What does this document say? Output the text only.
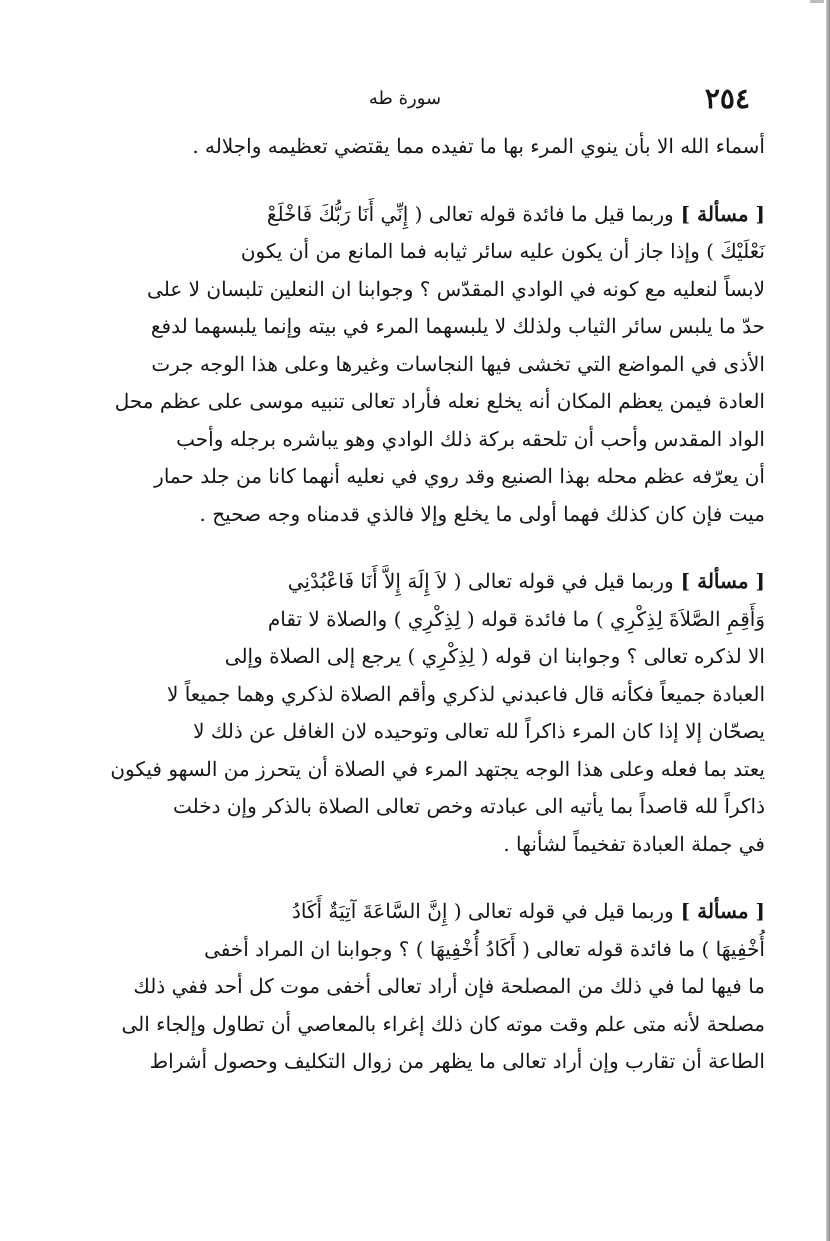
٢٥٤
سورة طه

أسماء الله الا بأن ينوي المرء بها ما تفيده مما يقتضي تعظيمه واجلاله .

[ مسألة ] وربما قيل ما فائدة قوله تعالى ( إِنِّي أَنَا رَبُّكَ فَاخْلَعْ

نَعْلَيْكَ ) وإذا جاز أن يكون عليه سائر ثيابه فما المانع من أن يكون

لابساً لنعليه مع كونه في الوادي المقدّس ؟ وجوابنا ان النعلين تلبسان لا على

حدّ ما يلبس سائر الثياب ولذلك لا يلبسهما المرء في بيته وإنما يلبسهما لدفع

الأذى في المواضع التي تخشى فيها النجاسات وغيرها وعلى هذا الوجه جرت

العادة فيمن يعظم المكان أنه يخلع نعله فأراد تعالى تنبيه موسى على عظم محل

الواد المقدس وأحب أن تلحقه بركة ذلك الوادي وهو يباشره برجله وأحب

أن يعرّفه عظم محله بهذا الصنيع وقد روي في نعليه أنهما كانا من جلد حمار

ميت فإن كان كذلك فهما أولى ما يخلع وإلا فالذي قدمناه وجه صحيح .

[ مسألة ] وربما قيل في قوله تعالى ( لاَ إِلَهَ إِلاَّ أَنَا فَاعْبُدْنِي

وَأَقِمِ الصَّلاَةَ لِذِكْرِي ) ما فائدة قوله ( لِذِكْرِي ) والصلاة لا تقام

الا لذكره تعالى ؟ وجوابنا ان قوله ( لِذِكْرِي ) يرجع إلى الصلاة وإلى

العبادة جميعاً فكأنه قال فاعبدني لذكري وأقم الصلاة لذكري وهما جميعاً لا

يصحّان إلا إذا كان المرء ذاكراً لله تعالى وتوحيده لان الغافل عن ذلك لا

يعتد بما فعله وعلى هذا الوجه يجتهد المرء في الصلاة أن يتحرز من السهو فيكون

ذاكراً لله قاصداً بما يأتيه الى عبادته وخص تعالى الصلاة بالذكر وإن دخلت

في جملة العبادة تفخيماً لشأنها .

[ مسألة ] وربما قيل في قوله تعالى ( إِنَّ السَّاعَةَ آتِيَةٌ أَكَادُ

أُخْفِيهَا ) ما فائدة قوله تعالى ( أَكَادُ أُخْفِيهَا ) ؟ وجوابنا ان المراد أخفى

ما فيها لما في ذلك من المصلحة فإن أراد تعالى أخفى موت كل أحد ففي ذلك

مصلحة لأنه متى علم وقت موته كان ذلك إغراء بالمعاصي أن تطاول وإلجاء الى

الطاعة أن تقارب وإن أراد تعالى ما يظهر من زوال التكليف وحصول أشراط
